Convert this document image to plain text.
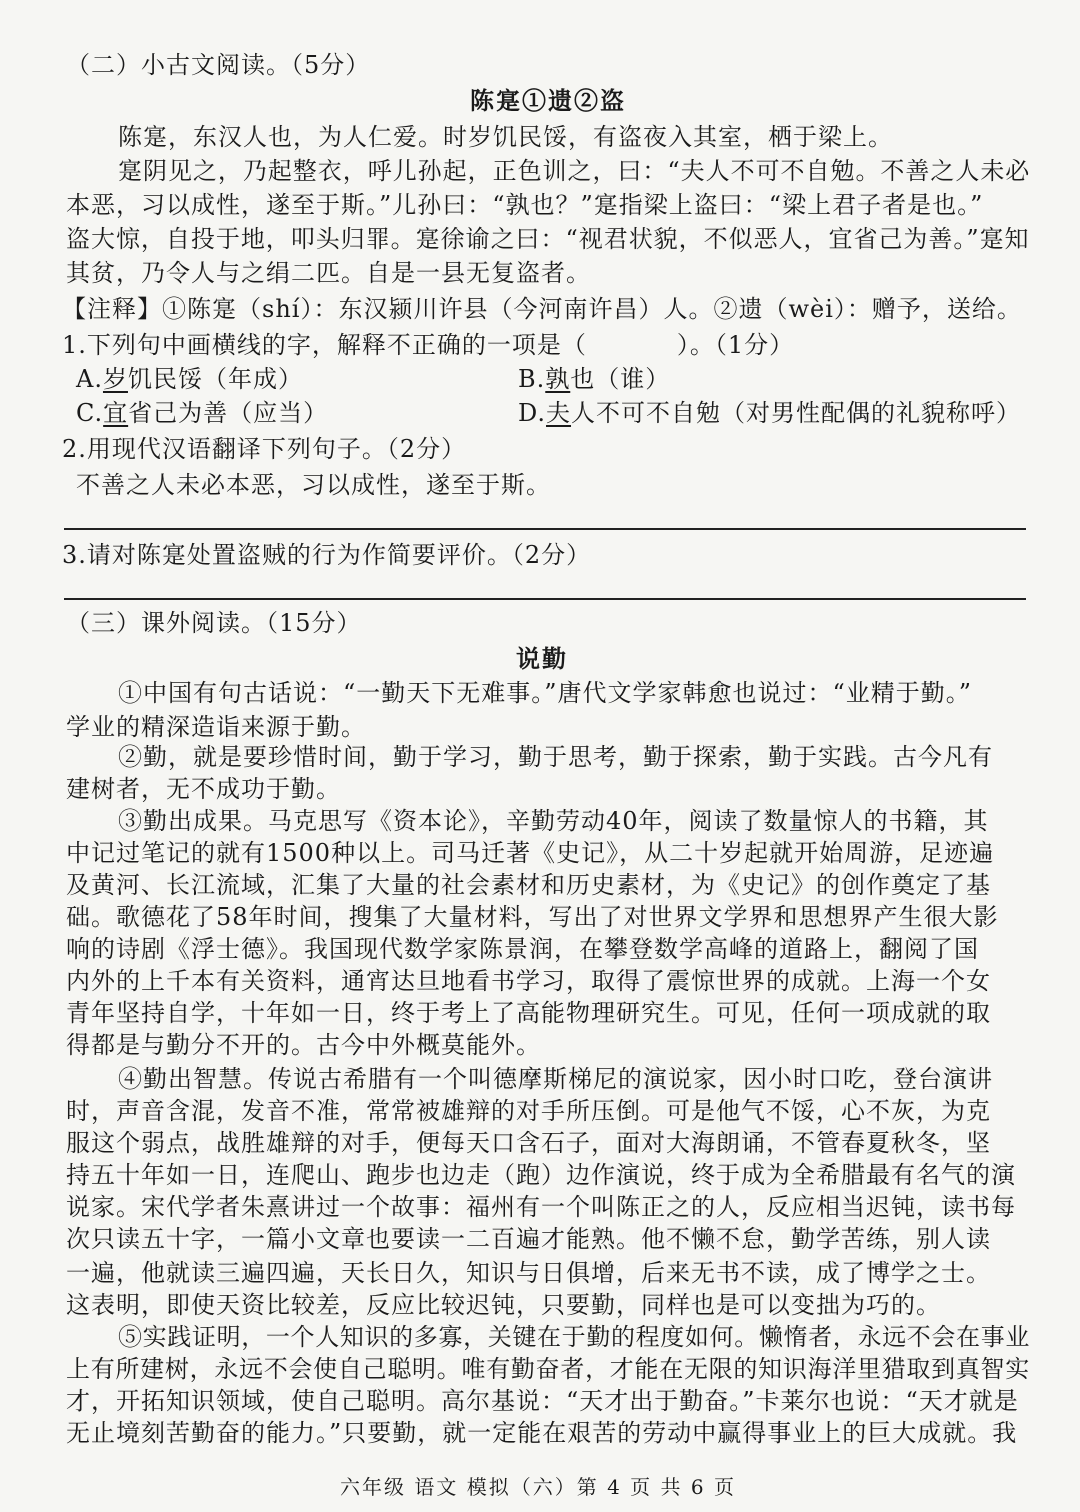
（二）小古文阅读。（5分）
陈寔①遗②盗
陈寔，东汉人也，为人仁爱。时岁饥民馁，有盗夜入其室，栖于梁上。
寔阴见之，乃起整衣，呼儿孙起，正色训之，曰：“夫人不可不自勉。不善之人未必
本恶，习以成性，遂至于斯。”儿孙曰：“孰也？”寔指梁上盗曰：“梁上君子者是也。”
盗大惊，自投于地，叩头归罪。寔徐谕之曰：“视君状貌，不似恶人，宜省己为善。”寔知
其贫，乃令人与之绢二匹。自是一县无复盗者。
【注释】①陈寔（shí）：东汉颍川许县（今河南许昌）人。②遗（wèi）：赠予，送给。
1.下列句中画横线的字，解释不正确的一项是（	）。（1分）
A.岁饥民馁（年成）	B.孰也（谁）
C.宜省己为善（应当）	D.夫人不可不自勉（对男性配偶的礼貌称呼）
2.用现代汉语翻译下列句子。（2分）
不善之人未必本恶，习以成性，遂至于斯。
3.请对陈寔处置盗贼的行为作简要评价。（2分）
（三）课外阅读。（15分）
说勤
①中国有句古话说：“一勤天下无难事。”唐代文学家韩愈也说过：“业精于勤。”
学业的精深造诣来源于勤。
②勤，就是要珍惜时间，勤于学习，勤于思考，勤于探索，勤于实践。古今凡有
建树者，无不成功于勤。
③勤出成果。马克思写《资本论》，辛勤劳动40年，阅读了数量惊人的书籍，其
中记过笔记的就有1500种以上。司马迁著《史记》，从二十岁起就开始周游，足迹遍
及黄河、长江流域，汇集了大量的社会素材和历史素材，为《史记》的创作奠定了基
础。歌德花了58年时间，搜集了大量材料，写出了对世界文学界和思想界产生很大影
响的诗剧《浮士德》。我国现代数学家陈景润，在攀登数学高峰的道路上，翻阅了国
内外的上千本有关资料，通宵达旦地看书学习，取得了震惊世界的成就。上海一个女
青年坚持自学，十年如一日，终于考上了高能物理研究生。可见，任何一项成就的取
得都是与勤分不开的。古今中外概莫能外。
④勤出智慧。传说古希腊有一个叫德摩斯梯尼的演说家，因小时口吃，登台演讲
时，声音含混，发音不准，常常被雄辩的对手所压倒。可是他气不馁，心不灰，为克
服这个弱点，战胜雄辩的对手，便每天口含石子，面对大海朗诵，不管春夏秋冬，坚
持五十年如一日，连爬山、跑步也边走（跑）边作演说，终于成为全希腊最有名气的演
说家。宋代学者朱熹讲过一个故事：福州有一个叫陈正之的人，反应相当迟钝，读书每
次只读五十字，一篇小文章也要读一二百遍才能熟。他不懒不怠，勤学苦练，别人读
一遍，他就读三遍四遍，天长日久，知识与日俱增，后来无书不读，成了博学之士。
这表明，即使天资比较差，反应比较迟钝，只要勤，同样也是可以变拙为巧的。
⑤实践证明，一个人知识的多寡，关键在于勤的程度如何。懒惰者，永远不会在事业
上有所建树，永远不会使自己聪明。唯有勤奋者，才能在无限的知识海洋里猎取到真智实
才，开拓知识领域，使自己聪明。高尔基说：“天才出于勤奋。”卡莱尔也说：“天才就是
无止境刻苦勤奋的能力。”只要勤，就一定能在艰苦的劳动中赢得事业上的巨大成就。我
六年级 语文 模拟（六）第 4 页 共 6 页
